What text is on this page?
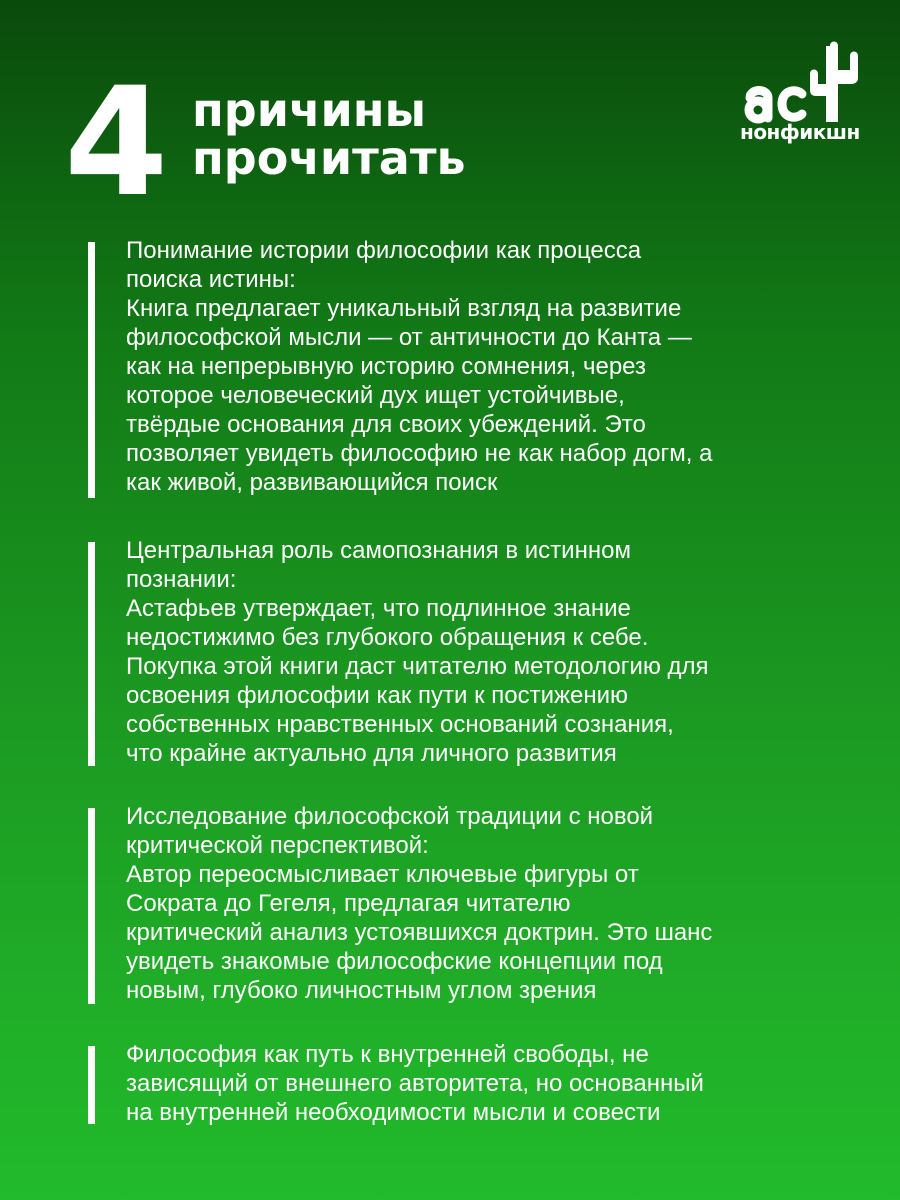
4 причины
прочитать	нонфикшн

Понимание истории философии как процесса

поиска истины:

Книга предлагает уникальный взгляд на развитие

философской мысли — от античности до Канта —

как на непрерывную историю сомнения, через

которое человеческий дух ищет устойчивые,

твёрдые основания для своих убеждений. Это

позволяет увидеть философию не как набор догм, а

как живой, развивающийся поиск

Центральная роль самопознания в истинном

познании:

Астафьев утверждает, что подлинное знание

недостижимо без глубокого обращения к себе.

Покупка этой книги даст читателю методологию для

освоения философии как пути к постижению

собственных нравственных оснований сознания,

что крайне актуально для личного развития

Исследование философской традиции с новой

критической перспективой:

Автор переосмысливает ключевые фигуры от

Сократа до Гегеля, предлагая читателю

критический анализ устоявшихся доктрин. Это шанс

увидеть знакомые философские концепции под

новым, глубоко личностным углом зрения

Философия как путь к внутренней свободы, не

зависящий от внешнего авторитета, но основанный

на внутренней необходимости мысли и совести
